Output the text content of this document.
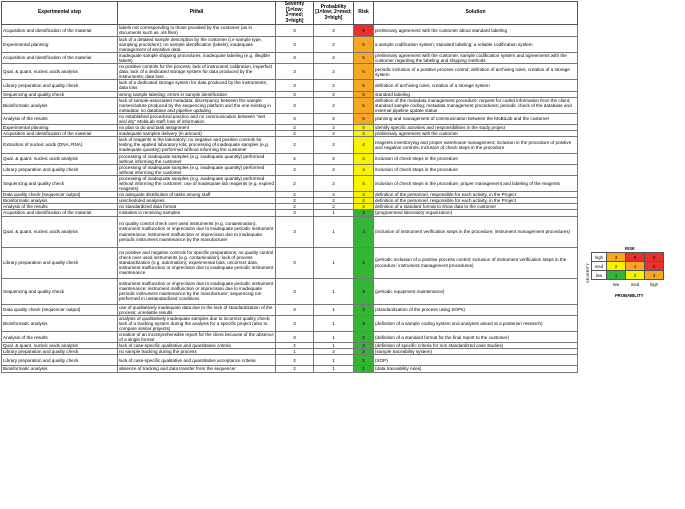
Experimental step	Pitfall	Severity [1=low; 2=med; 3=high]	Probability [1=low; 2=med; 3=high]	Risk	Solution
Acquisition and identification of the material	labels not corresponding to those provided by the customer (as in documents such as .xls files)	3	3	9	preliminary agreement with the customer about standard labeling
Experimental planning	lack of a detailed sample description by the customer (i.e sample type, sampling procedure); no sample identification (labels); inadequate management of sensitive data	3	2	6	a sample codification system; standard labeling; a reliable codification system
Acquisition and identification of the material	inadequate sample shipping procedures, inadequate labeling (e.g. illegible labels)	3	2	6	preliminary agreement with the customer, sample codification system and agreements with the customer regarding the labeling and shipping methods
Qual. & quant. nucleic acids analysis	no positive controls for the process; lack of instrument calibration, imperfect data, lack of a dedicated storage system for data produced by the instruments; data loss	3	2	6	periodic inclusion of a positive process control; definition of archiving rules, creation of a storage system
Library preparation and quality check	lack of a dedicated storage system for data produced by the instruments; data loss	3	2	6	definition of archiving rules, creation of a storage system
Sequencing and quality check	wrong sample labeling; errors in sample identification	3	2	6	standard labeling
Bioinformatic analysis	lack of sample-associated metadata; discrepancy between the sample nomenclature produced by the sequencing platform and the one existing in metadata; no database and pipeline updating	3	2	6	definition of the metadata management procedure; request for coded information from the client; standard sample coding; metadata management procedures; periodic check of the database and external pipeline update status
Analysis of the results	no established procedural practice and no communication between "wet and dry" MobiLab staff; loss of information	3	2	6	planning and management of communication between the MoBiLab and the customer
Experimental planning	no plan to do and task assignment	2	2	4	identify specific activities and responsibilities in the study project
Acquisition and identification of the material	inadequate samples delivery (in amount)	2	2	4	preliminary agreement with the customer
Extraction of nucleic acids (DNA, RNA)	lack of reagents in the laboratory; no negative and positive controls for testing the applied laboratory kits; processing of inadequate samples (e.g. inadequate quantity) performed without informing the customer	2	2	4	reagents inventorying and proper warehouse management; inclusion in the procedure of positive and negative controls; inclusion of check steps in the procedure
Qual. & quant. nucleic acids analysis	processing of inadequate samples (e.g. inadequate quantity) performed without informing the customer	2	2	4	inclusion of check steps in the procedure
Library preparation and quality check	processing of inadequate samples (e.g. inadequate quantity) performed without informing the customer	2	2	4	inclusion of check steps in the procedure
Sequencing and quality check	processing of inadequate samples (e.g. inadequate quantity) performed without informing the customer; use of inadequate lab reagents (e.g. expired reagents)	2	2	4	inclusion of check steps in the procedure; proper management and labeling of the reagents
Data quality check (sequencer output)	no adequate distribution of tasks among staff	2	2	4	definition of the personnel, responsible for each activity, in the Project
Bioinformatic analysis	unscheduled analyses	2	2	4	definition of the personnel, responsible for each activity, in the Project
Analysis of the results	no standardized data format	2	2	4	definition of a standard format to show data to the customer
Acquisition and identification of the material	mistakes in receiving samples	3	1	3	(programmed laboratory organization)
Qual. & quant. nucleic acids analysis	no quality control check over used instruments (e.g. contamination); instrument malfunction or imprecision due to inadequate periodic instrument maintenance; instrument malfunction or imprecision due to inadequate periodic instrument maintenance by the manufacturer	3	1	3	(inclusion of instrument verification steps in the procedure; instrument management procedures)
Library preparation and quality check	no positive and negative controls for specific preparations; no quality control check over used instruments (e.g. contamination); lack of process standardization (e.g. automation); experimental bias, uncorrect data; instrument malfunction or imprecision due to inadequate periodic instrument maintenance	3	1	3	(periodic inclusion of a positive process control; inclusion of instrument verification steps in the procedure; instrument management procedures)
Sequencing and quality check	instrument malfunction or imprecision due to inadequate periodic instrument maintenance; instrument malfunction or imprecision due to inadequate periodic instrument maintenance by the manufacturer; sequencing run performed in unstandardized conditions	3	1	3	(periodic equipment maintenance)
Data quality check (sequencer output)	use of qualitatively inadequate data due to the lack of standardization of the process; unreliable results	3	1	3	(standardization of the process using SOPs)
Bioinformatic analysis	analysis of qualitatively inadequate samples due to incorrect quality check; lack of a tracking system during the analysis for a specific project (also to compare similar projects)	3	1	3	(definition of a sample coding system and analyses aimed at a posteriori research)
Analysis of the results	creation of an incomprehensible report for the client because of the absence of a single format	3	1	3	(definition of a standard format for the final report to the customer)
Qual. & quant. nucleic acids analysis	lack of case-specific qualitative and quantitative criteria	2	1	2	(definition of specific criteria for non standardized case studies)
Library preparation and quality check	no sample tracking during the process	1	2	2	(sample traceability system)
Library preparation and quality check	lack of case-specific qualitative and quantitative acceptance criteria	2	1	2	(SOP)
Bioinformatic analysis	absence of tracking and data transfer from the sequencer	2	1	2	(data traceability rules)
RISK
SEVERITY
high	3	6	9
med	2	4	6
low	1	2	3
	low	med	high
PROBABILITY
